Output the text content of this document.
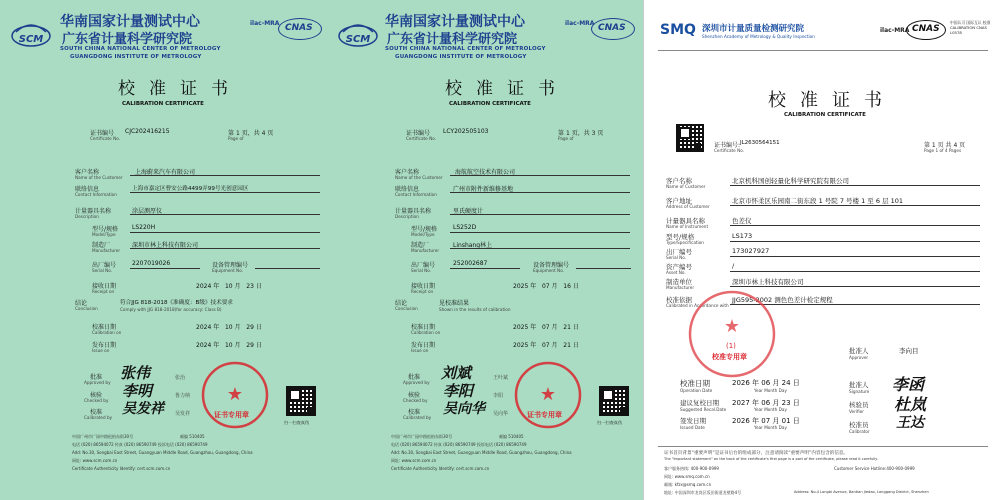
SCM
华南国家计量测试中心
广东省计量科学研究院
SOUTH CHINA NATIONAL CENTER OF METROLOGY
GUANGDONG INSTITUTE OF METROLOGY
ilac-MRA CNAS
校准证书
CALIBRATION CERTIFICATE
证书编号
Certificate No.
CJC202416215	第 1 页，共 4 页
Page of
客户名称
Name of the Customer
上海蔚来汽车有限公司
联络信息
Contact Information
上海市嘉定区曹安公路4499弄99号光创意园区
计量器具名称
Description
涂层测厚仪
型号/规格
Model/Type
LS220H
制造厂
Manufacturer
深圳市林上科技有限公司
出厂编号
Serial No.
2207019026	设备管理编号
Equipment No.
接收日期
Receipt on
2024 年 10 月 23 日
结论
Conclusion
符合JJG 818-2018《准确度：B级》技术要求
Comply with JJG 818-2018(for accuracy: Class B)
校准日期
Calibration on
2024 年 10 月 29 日
发布日期
Issue on
2024 年 10 月 29 日
批准
Approved by
张伟	张治
核验
Checked by
李明	鲁力纳
校准
Calibrated by
吴发祥 吴发祥
★
证书专用章
扫一扫查真伪
中国广州市广园中路松柏东街30号	邮编 510405
电话 (020) 86594072 传真 (020) 86590749 投诉电话 (020) 86590749
Add: No.30, Songbai East Street, Guangyuan Middle Road, Guangzhou, Guangdong, China
网址: www.scm.com.cn
Certificate Authenticity Identify: cert.scm.com.cn
SCM
华南国家计量测试中心
广东省计量科学研究院
SOUTH CHINA NATIONAL CENTER OF METROLOGY
GUANGDONG INSTITUTE OF METROLOGY
ilac-MRA CNAS
校准证书
CALIBRATION CERTIFICATE
证书编号
Certificate No.
LCY202505103	第 1 页，共 3 页
Page of
客户名称
Name of the Customer
海航航空技术有限公司
联络信息
Contact Information
广州市附件新维修基地
计量器具名称
Description
里氏硬度计
型号/规格
Model/Type
LS252D
制造厂
Manufacturer
Linshang林上
出厂编号
Serial No.
252002687	设备管理编号
Equipment No.
接收日期
Receipt on
2025 年 07 月 16 日
结论
Conclusion
见校准结果
Shown in the results of calibration
校准日期
Calibration on
2025 年 07 月 21 日
发布日期
Issue on
2025 年 07 月 21 日
批准
Approved by
刘斌	王叶斌
核验
Checked by
李阳	李阳
校准
Calibrated by
吴向华 吴向华
★
证书专用章
扫一扫查真伪
中国广州市广园中路松柏东街30号	邮编 510405
电话 (020) 86594072 传真 (020) 86590749 投诉电话 (020) 86590749
Add: No.30, Songbai East Street, Guangyuan Middle Road, Guangzhou, Guangdong, China
网址: www.scm.com.cn
Certificate Authenticity Identify: cert.scm.com.cn
SMQ 深圳市计量质量检测研究院
Shenzhen Academy of Metrology & Quality Inspection
ilac-MRA CNAS
中国认可 国际互认 校准 CALIBRATION CNAS L0578
校准证书
CALIBRATION CERTIFICATE
证书编号:
Certificate No.
JL2630564151	第 1 页 共 4 页
Page 1 of 4 Pages
客户名称
Name of Customer
北京机科国创轻量化科学研究院有限公司
客户地址
Address of Customer
北京市怀柔区乐园南二街东段 1 号院 7 号楼 1 至 6 层 101
计量器具名称
Name of Instrument
色差仪
型号/规格
Type/Specification
LS173
出厂编号
Serial No.
173027927
资产编号
Asset No.
/
制造单位
Manufacturer
深圳市林上科技有限公司
校准依据
Calibrated in Accordance with
JJG595-2002 测色色差计检定规程
批准人
Approver
李向目
校准日期
Operation Date
2026 年 06 月 24 日
Year Month Day
建议复校日期
Suggested Recal.Date
2027 年 06 月 23 日
Year Month Day
签发日期
Issued Date
2026 年 07 月 01 日
Year Month Day
批准人
Signature 李函
核验员
Verifier 杜岚
校准员
Calibrator
王达
★
(1)
校准专用章
证书首页背景“重要声明”是证书后台的组成部分，注意请阅读“重要声明”内容包含的信息。
The "Important statement" on the back of the certificate's first page is a part of the certificate, please read it carefully.
客户服务热线: 400-900-0999	Customer Service Hotline:400-900-0999
网址: www.smq.com.cn
邮箱: kfzx@smq.com.cn
地址: 中国深圳市龙岗区坂田街道龙壁路4号	Address: No.4 Longbi Avenue, Bantian Jiedao, Longgang District, Shenzhen
